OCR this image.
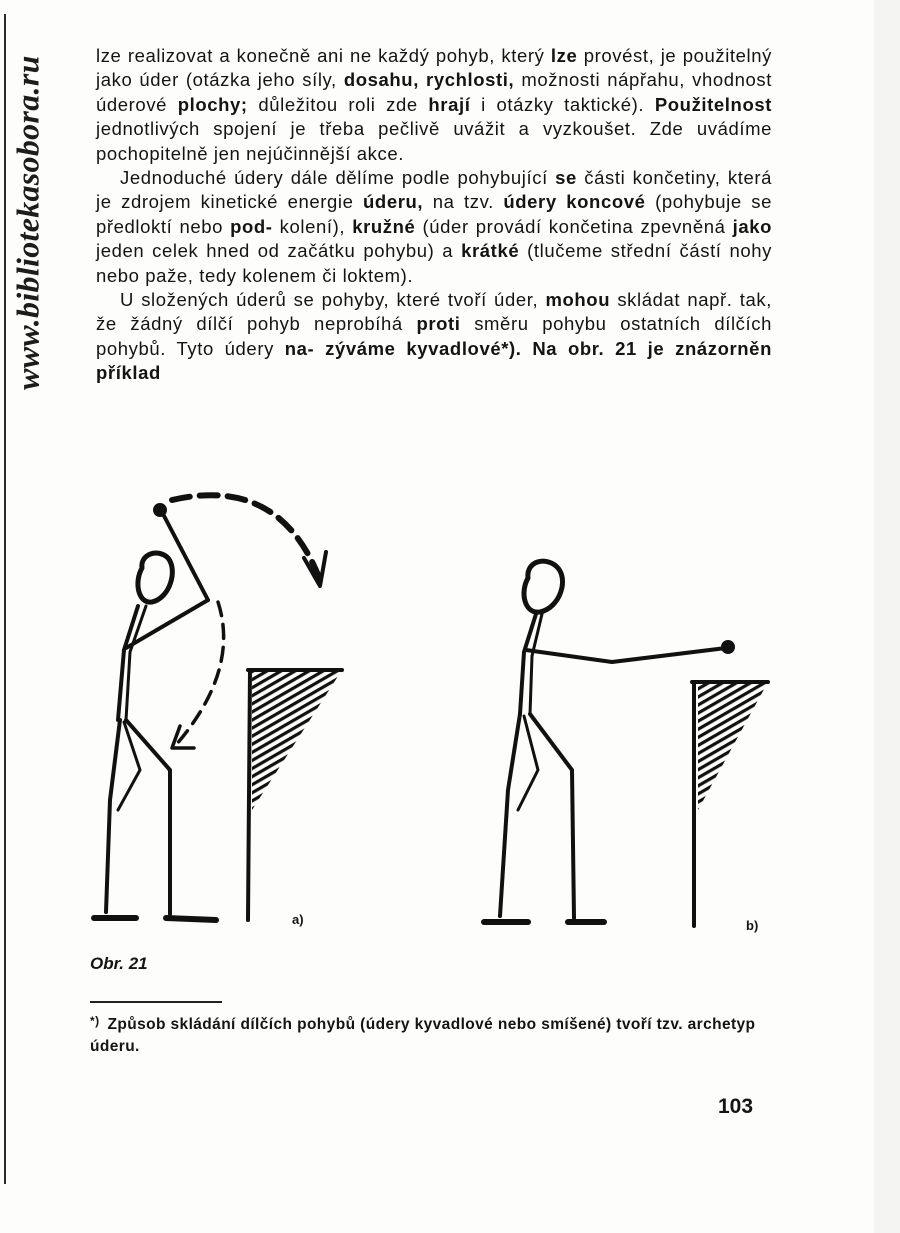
www.bibliotekasobora.ru

lze realizovat a konečně ani ne každý pohyb, který lze provést, je použitelný jako úder (otázka jeho síly, dosahu, rychlosti, možnosti nápřahu, vhodnost úderové plochy; důležitou roli zde hrají i otázky taktické). Použitelnost jednotlivých spojení je třeba pečlivě uvážit a vyzkoušet. Zde uvádíme pochopitelně jen nejúčinnější akce.

Jednoduché údery dále dělíme podle pohybující se části končetiny, která je zdrojem kinetické energie úderu, na tzv. údery koncové (pohybuje se předloktí nebo pod- kolení), kružné (úder provádí končetina zpevněná jako jeden celek hned od začátku pohybu) a krátké (tlučeme střední částí nohy nebo paže, tedy kolenem či loktem).

U složených úderů se pohyby, které tvoří úder, mohou skládat např. tak, že žádný dílčí pohyb neprobíhá proti směru pohybu ostatních dílčích pohybů. Tyto údery na- zýváme kyvadlové*). Na obr. 21 je znázorněn příklad

a)	b)
Obr. 21
*) Způsob skládání dílčích pohybů (údery kyvadlové nebo smíšené) tvoří tzv. archetyp úderu.
103
